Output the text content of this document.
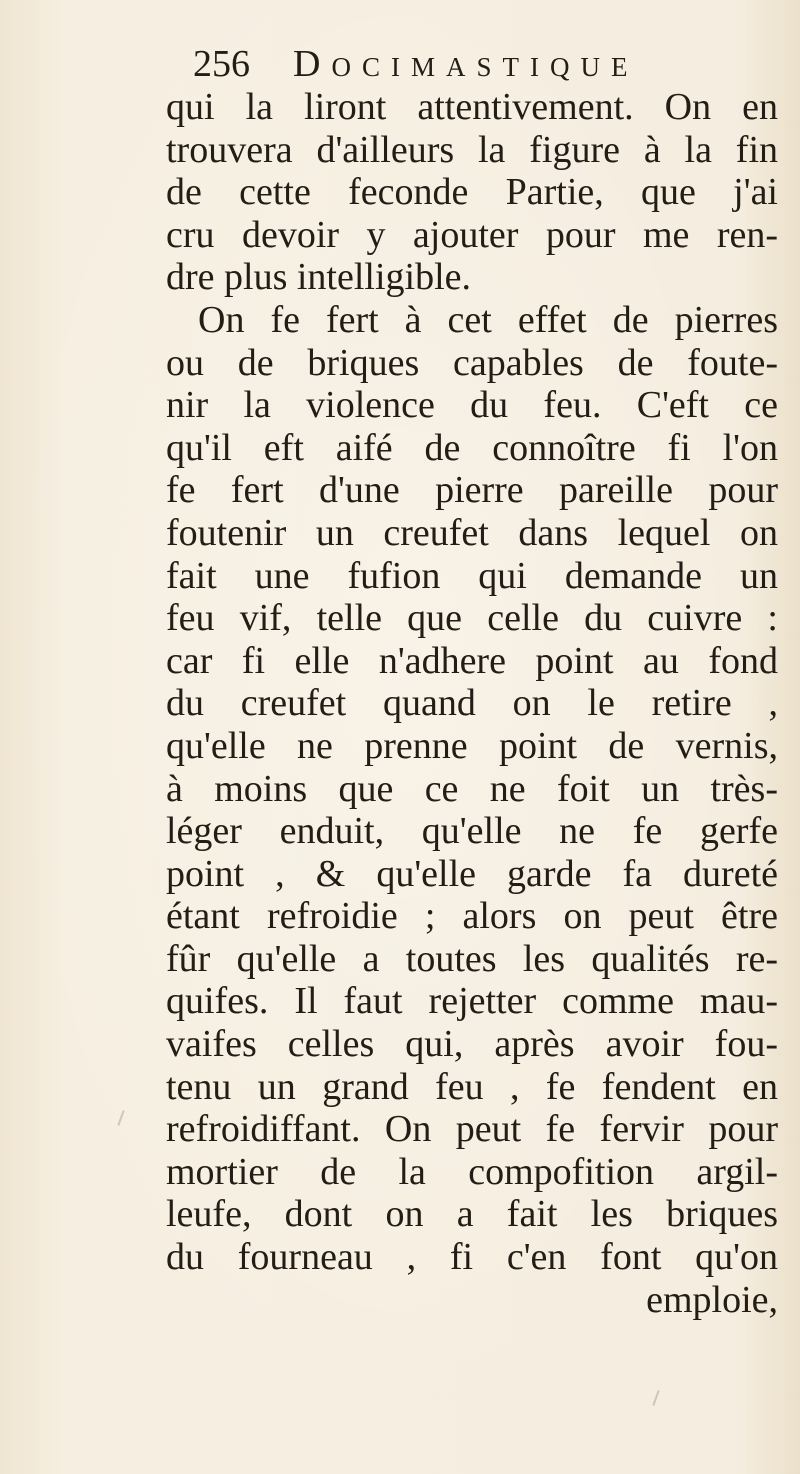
256 Docimastique
qui la liront attentivement. On en
trouvera d'ailleurs la figure à la fin
de cette feconde Partie, que j'ai
cru devoir y ajouter pour me ren-
dre plus intelligible.
On fe fert à cet effet de pierres
ou de briques capables de foute-
nir la violence du feu. C'eft ce
qu'il eft aifé de connoître fi l'on
fe fert d'une pierre pareille pour
foutenir un creufet dans lequel on
fait une fufion qui demande un
feu vif, telle que celle du cuivre :
car fi elle n'adhere point au fond
du creufet quand on le retire ,
qu'elle ne prenne point de vernis,
à moins que ce ne foit un très-
léger enduit, qu'elle ne fe gerfe
point , & qu'elle garde fa dureté
étant refroidie ; alors on peut être
fûr qu'elle a toutes les qualités re-
quifes. Il faut rejetter comme mau-
vaifes celles qui, après avoir fou-
tenu un grand feu , fe fendent en
refroidiffant. On peut fe fervir pour
mortier de la compofition argil-
leufe, dont on a fait les briques
du fourneau , fi c'en font qu'on
emploie,
